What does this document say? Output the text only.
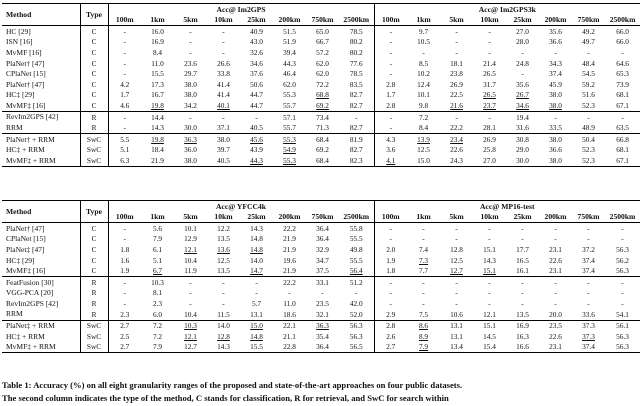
Method	Type	Acc@ Im2GPS								Acc@ Im2GPS3k							
		100m	1km	5km	10km	25km	200km	750km	2500km	100m	1km	5km	10km	25km	200km	750km	2500km
HC [29]	C	-	16.0	-	-	40.9	51.5	65.0	78.5	-	9.7	-	-	27.0	35.6	49.2	66.0
ISN [16]	C	-	16.9	-	-	43.0	51.9	66.7	80.2	-	10.5	-	-	28.0	36.6	49.7	66.0
MvMF [16]	C	-	8.4	-	-	32.6	39.4	57.2	80.2	-	-	-	-	-	-	-	-
PlaNet† [47]	C	-	11.0	23.6	26.6	34.6	44.3	62.0	77.6	-	8.5	18.1	21.4	24.8	34.3	48.4	64.6
CPlaNet [15]	C	-	15.5	29.7	33.8	37.6	46.4	62.0	78.5	-	10.2	23.8	26.5	-	37.4	54.5	65.3
PlaNet† [47]	C	4.2	17.3	38.0	41.4	50.6	62.0	72.2	83.5	2.8	12.4	26.9	31.7	35.6	45.9	59.2	73.9
HC‡ [29]	C	1.7	16.7	38.0	41.4	44.7	55.3	68.8	82.7	1.7	10.1	22.5	26.5	26.7	38.0	51.6	68.1
MvMF‡ [16]	C	4.6	19.8	34.2	40.1	44.7	55.7	69.2	82.7	2.8	9.8	21.6	23.7	34.6	38.0	52.3	67.1
RevIm2GPS [42]	R	-	14.4	-	-	-	57.1	73.4	-	-	7.2	-	-	19.4	-	-	-
RRM	R	-	14.3	30.0	37.1	40.5	55.7	71.3	82.7	-	8.4	22.2	28.1	31.6	33.5	48.9	63.5
PlaNet† + RRM	SwC	5.5	19.8	36.3	38.0	45.6	55.3	68.4	81.9	4.3	13.9	23.4	26.9	30.8	38.0	50.4	66.8
HC‡ + RRM	SwC	5.1	18.4	36.0	39.7	43.9	54.9	69.2	82.7	3.6	12.5	22.6	25.8	29.0	36.6	52.3	68.1
MvMF‡ + RRM	SwC	6.3	21.9	38.0	40.5	44.3	55.3	68.4	82.3	4.1	15.0	24.3	27.0	30.0	38.0	52.3	67.1
Method	Type	Acc@ YFCC4k								Acc@ MP16-test							
		100m	1km	5km	10km	25km	200km	750km	2500km	100m	1km	5km	10km	25km	200km	750km	2500km
PlaNet† [47]	C	-	5.6	10.1	12.2	14.3	22.2	36.4	55.8	-	-	-	-	-	-	-	-
CPlaNet [15]	C	-	7.9	12.9	13.5	14.8	21.9	36.4	55.5	-	-	-	-	-	-	-	-
PlaNet‡ [47]	C	1.8	6.1	12.1	13.6	14.8	21.9	32.9	49.8	2.0	7.4	12.8	15.1	17.7	23.1	37.2	56.3
HC‡ [29]	C	1.6	5.1	10.4	12.5	14.0	19.6	34.7	55.5	1.9	7.3	12.5	14.3	16.5	22.6	37.4	56.2
MvMF‡ [16]	C	1.9	6.7	11.9	13.5	14.7	21.9	37.5	56.4	1.8	7.7	12.7	15.1	16.1	23.1	37.4	56.3
FeatFusion [30]	R	-	10.3	-	-	-	22.2	33.1	51.2	-	-	-	-	-	-	-	-
VGG-PCA [20]	R	-	8.1	-	-	-	-	-	-	-	-	-	-	-	-	-	-
RevIm2GPS [42]	R	-	2.3	-	-	5.7	11.0	23.5	42.0	-	-	-	-	-	-	-	-
RRM	R	2.3	6.0	10.4	11.5	13.1	18.6	32.1	52.0	2.9	7.5	10.6	12.1	13.5	20.0	33.6	54.1
PlaNet‡ + RRM	SwC	2.7	7.2	10.3	14.0	15.0	22.1	36.3	56.3	2.8	8.6	13.1	15.1	16.9	23.5	37.3	56.1
HC‡ + RRM	SwC	2.5	7.2	12.1	12.8	14.8	21.1	35.4	56.3	2.6	8.9	13.1	14.5	16.3	22.6	37.3	56.3
MvMF‡ + RRM	SwC	2.7	7.9	12.7	14.3	15.5	22.8	36.4	56.5	2.7	7.9	13.4	15.4	16.6	23.1	37.4	56.3
Table 1: Accuracy (%) on all eight granularity ranges of the proposed and state-of-the-art approaches on four public datasets.
The second column indicates the type of the method, C stands for classification, R for retrieval, and SwC for search within
